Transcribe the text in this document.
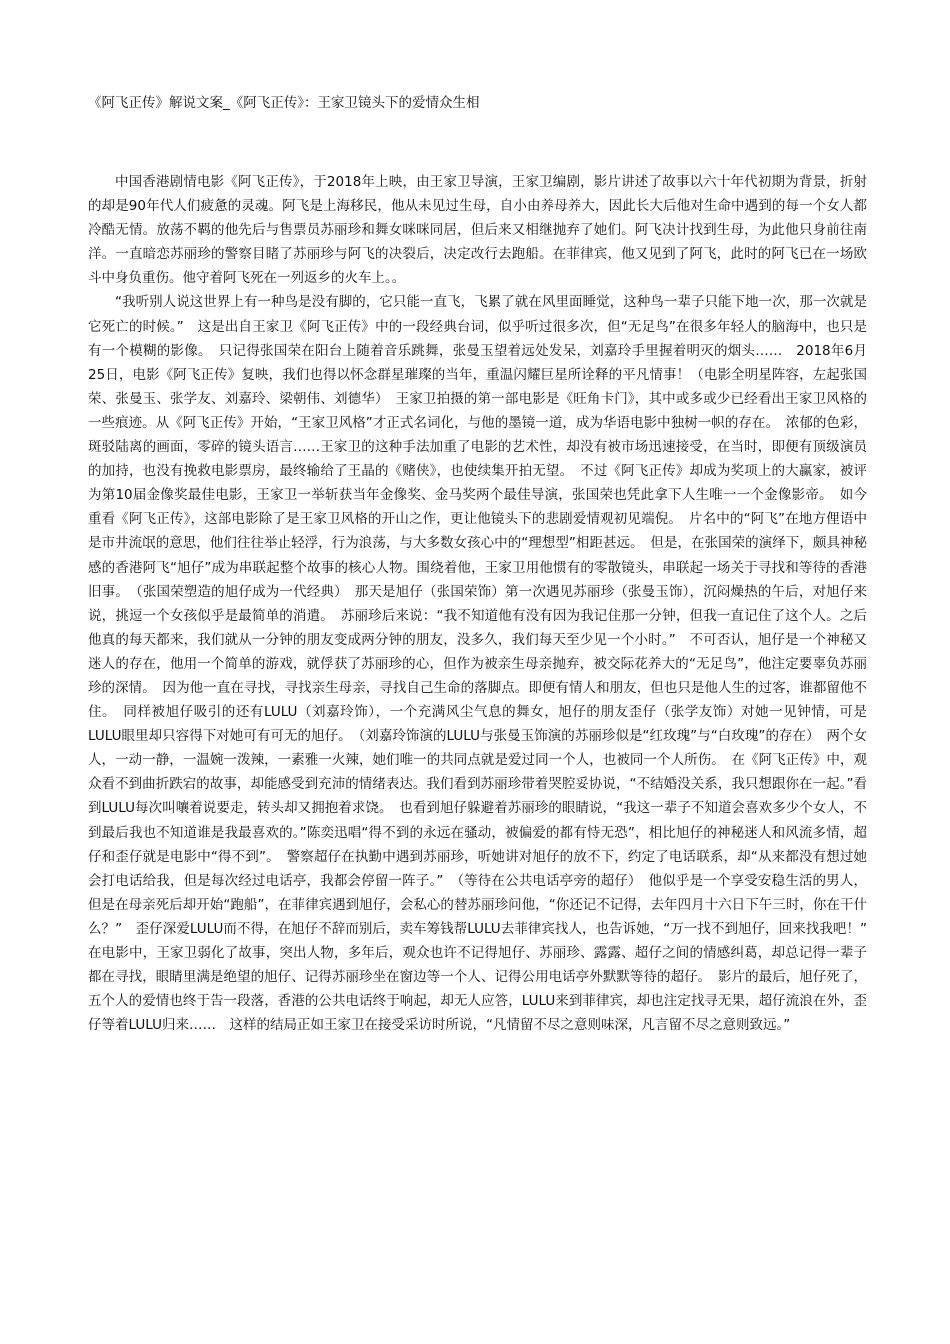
《阿飞正传》解说文案_《阿飞正传》：王家卫镜头下的爱情众生相

中国香港剧情电影《阿飞正传》，于2018年上映，由王家卫导演，王家卫编剧，影片讲述了故事以六十年代初期为背景，折射的却是90年代人们疲惫的灵魂。阿飞是上海移民，他从未见过生母，自小由养母养大，因此长大后他对生命中遇到的每一个女人都冷酷无情。放荡不羁的他先后与售票员苏丽珍和舞女咪咪同居，但后来又相继抛弃了她们。阿飞决计找到生母，为此他只身前往南洋。一直暗恋苏丽珍的警察目睹了苏丽珍与阿飞的决裂后，决定改行去跑船。在菲律宾，他又见到了阿飞，此时的阿飞已在一场欧斗中身负重伤。他守着阿飞死在一列返乡的火车上。。

“我听别人说这世界上有一种鸟是没有脚的，它只能一直飞，飞累了就在风里面睡觉，这种鸟一辈子只能下地一次，那一次就是它死亡的时候。”　这是出自王家卫《阿飞正传》中的一段经典台词，似乎听过很多次，但“无足鸟”在很多年轻人的脑海中，也只是有一个模糊的影像。　只记得张国荣在阳台上随着音乐跳舞，张曼玉望着远处发呆，刘嘉玲手里握着明灭的烟头……　2018年6月25日，电影《阿飞正传》复映，我们也得以怀念群星璀璨的当年，重温闪耀巨星所诠释的平凡情事！（电影全明星阵容，左起张国荣、张曼玉、张学友、刘嘉玲、梁朝伟、刘德华）　王家卫拍摄的第一部电影是《旺角卡门》，其中或多或少已经看出王家卫风格的一些痕迹。从《阿飞正传》开始，“王家卫风格”才正式名词化，与他的墨镜一道，成为华语电影中独树一帜的存在。　浓郁的色彩，斑驳陆离的画面，零碎的镜头语言……王家卫的这种手法加重了电影的艺术性，却没有被市场迅速接受，在当时，即便有顶级演员的加持，也没有挽救电影票房，最终输给了王晶的《赌侠》，也使续集开拍无望。　不过《阿飞正传》却成为奖项上的大赢家，被评为第10届金像奖最佳电影，王家卫一举斩获当年金像奖、金马奖两个最佳导演，张国荣也凭此拿下人生唯一一个金像影帝。　如今重看《阿飞正传》，这部电影除了是王家卫风格的开山之作，更让他镜头下的悲剧爱情观初见端倪。　片名中的“阿飞”在地方俚语中是市井流氓的意思，他们往往举止轻浮，行为浪荡，与大多数女孩心中的“理想型”相距甚远。　但是，在张国荣的演绎下，颇具神秘感的香港阿飞“旭仔”成为串联起整个故事的核心人物。围绕着他，王家卫用他惯有的零散镜头，串联起一场关于寻找和等待的香港旧事。　（张国荣塑造的旭仔成为一代经典）　那天是旭仔（张国荣饰）第一次遇见苏丽珍（张曼玉饰），沉闷燥热的午后，对旭仔来说，挑逗一个女孩似乎是最简单的消遣。　苏丽珍后来说：“我不知道他有没有因为我记住那一分钟，但我一直记住了这个人。之后他真的每天都来，我们就从一分钟的朋友变成两分钟的朋友，没多久，我们每天至少见一个小时。”　不可否认，旭仔是一个神秘又迷人的存在，他用一个简单的游戏，就俘获了苏丽珍的心，但作为被亲生母亲抛弃，被交际花养大的“无足鸟”，他注定要辜负苏丽珍的深情。　因为他一直在寻找，寻找亲生母亲，寻找自己生命的落脚点。即便有情人和朋友，但也只是他人生的过客，谁都留他不住。　同样被旭仔吸引的还有LULU（刘嘉玲饰），一个充满风尘气息的舞女，旭仔的朋友歪仔（张学友饰）对她一见钟情，可是LULU眼里却只容得下对她可有可无的旭仔。　（刘嘉玲饰演的LULU与张曼玉饰演的苏丽珍似是“红玫瑰”与“白玫瑰”的存在）　两个女人，一动一静，一温婉一泼辣，一素雅一火辣，她们唯一的共同点就是爱过同一个人，也被同一个人所伤。　在《阿飞正传》中，观众看不到曲折跌宕的故事，却能感受到充沛的情绪表达。我们看到苏丽珍带着哭腔妥协说，“不结婚没关系，我只想跟你在一起。”看到LULU每次叫嚷着说要走，转头却又拥抱着求饶。　也看到旭仔躲避着苏丽珍的眼睛说，“我这一辈子不知道会喜欢多少个女人，不到最后我也不知道谁是我最喜欢的。”陈奕迅唱“得不到的永远在骚动，被偏爱的都有恃无恐”，相比旭仔的神秘迷人和风流多情，超仔和歪仔就是电影中“得不到”。　警察超仔在执勤中遇到苏丽珍，听她讲对旭仔的放不下，约定了电话联系，却“从来都没有想过她会打电话给我，但是每次经过电话亭，我都会停留一阵子。”　（等待在公共电话亭旁的超仔）　他似乎是一个享受安稳生活的男人，但是在母亲死后却开始“跑船”，在菲律宾遇到旭仔，会私心的替苏丽珍问他，“你还记不记得，去年四月十六日下午三时，你在干什么？”　歪仔深爱LULU而不得，在旭仔不辞而别后，卖车筹钱帮LULU去菲律宾找人，也告诉她，“万一找不到旭仔，回来找我吧！”　在电影中，王家卫弱化了故事，突出人物，多年后，观众也许不记得旭仔、苏丽珍、露露、超仔之间的情感纠葛，却总记得一辈子都在寻找，眼睛里满是绝望的旭仔、记得苏丽珍坐在窗边等一个人、记得公用电话亭外默默等待的超仔。　影片的最后，旭仔死了，五个人的爱情也终于告一段落，香港的公共电话终于响起，却无人应答，LULU来到菲律宾，却也注定找寻无果，超仔流浪在外，歪仔等着LULU归来……　这样的结局正如王家卫在接受采访时所说，“凡情留不尽之意则味深，凡言留不尽之意则致远。”
